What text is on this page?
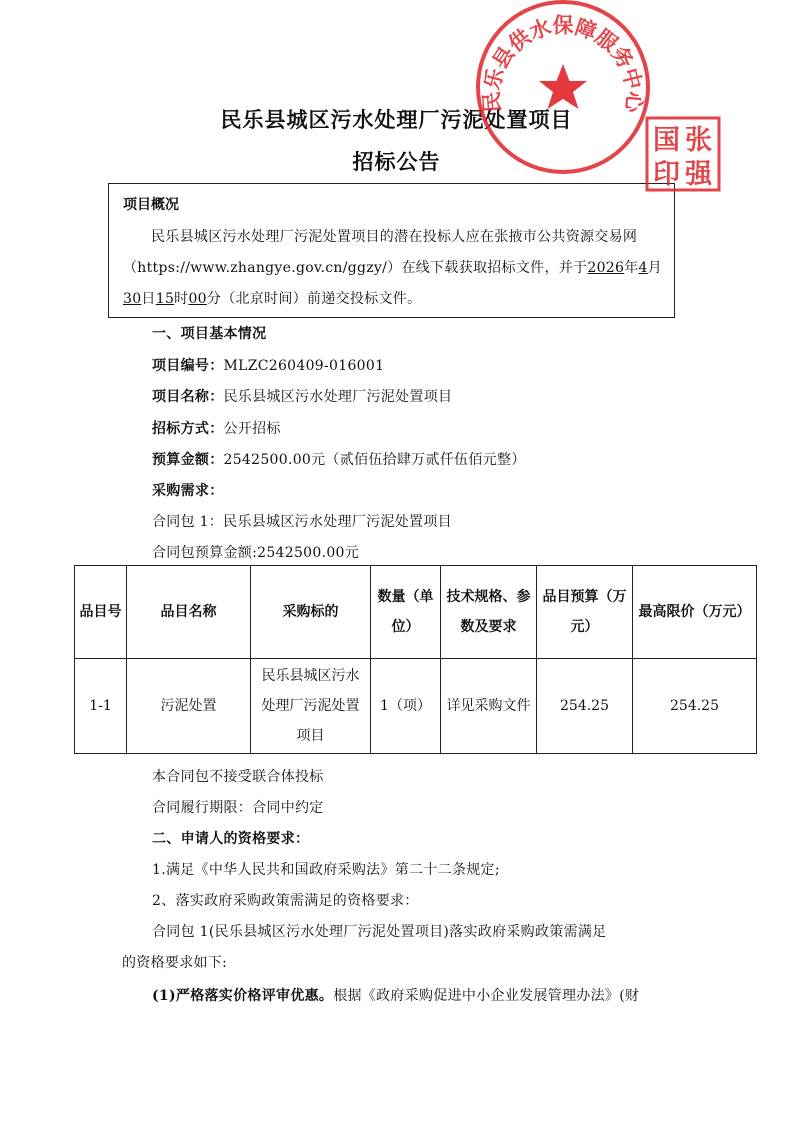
民乐县城区污水处理厂污泥处置项目
招标公告
项目概况
民乐县城区污水处理厂污泥处置项目的潜在投标人应在张掖市公共资源交易网（https://www.zhangye.gov.cn/ggzy/）在线下载获取招标文件，并于2026年4月30日15时00分（北京时间）前递交投标文件。
一、项目基本情况
项目编号：MLZC260409-016001
项目名称：民乐县城区污水处理厂污泥处置项目
招标方式：公开招标
预算金额：2542500.00元（贰佰伍拾肆万贰仟伍佰元整）
采购需求：
合同包 1：民乐县城区污水处理厂污泥处置项目
合同包预算金额:2542500.00元
品目号	品目名称	采购标的	数量（单位）	技术规格、参数及要求	品目预算（万元）	最高限价（万元）
1-1	污泥处置	民乐县城区污水处理厂污泥处置项目	1（项）	详见采购文件	254.25	254.25
本合同包不接受联合体投标
合同履行期限：合同中约定
二、申请人的资格要求：
1.满足《中华人民共和国政府采购法》第二十二条规定;
2、落实政府采购政策需满足的资格要求：
合同包 1(民乐县城区污水处理厂污泥处置项目)落实政府采购政策需满足
的资格要求如下:
(1)严格落实价格评审优惠。根据《政府采购促进中小企业发展管理办法》(财
民乐县供水保障服务中心
国 张
印 强
